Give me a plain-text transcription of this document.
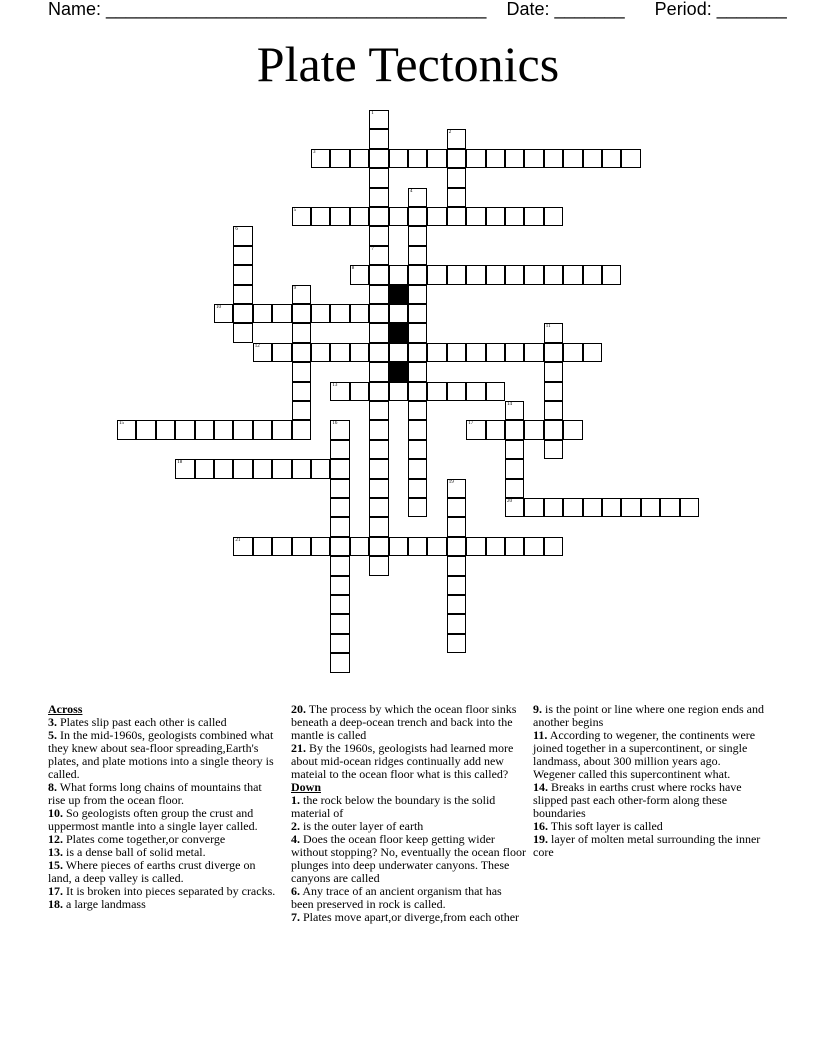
Name: ______________________________________ Date: _______ Period: _______
Plate Tectonics
1
7
2
3
4
5
6
8
9
10
11
12
13
14
15	16	17
18
19
20
21

Across

3. Plates slip past each other is called

5. In the mid-1960s, geologists combined what they knew about sea-floor spreading,Earth's plates, and plate motions into a single theory is called.

8. What forms long chains of mountains that rise up from the ocean floor.

10. So geologists often group the crust and uppermost mantle into a single layer called.

12. Plates come together,or converge

13. is a dense ball of solid metal.

15. Where pieces of earths crust diverge on land, a deep valley is called.

17. It is broken into pieces separated by cracks.

18. a large landmass

20. The process by which the ocean floor sinks beneath a deep-ocean trench and back into the mantle is called

21. By the 1960s, geologists had learned more about mid-ocean ridges continually add new mateial to the ocean floor what is this called?

Down

1. the rock below the boundary is the solid material of

2. is the outer layer of earth

4. Does the ocean floor keep getting wider without stopping? No, eventually the ocean floor plunges into deep underwater canyons. These canyons are called

6. Any trace of an ancient organism that has been preserved in rock is called.

7. Plates move apart,or diverge,from each other

9. is the point or line where one region ends and another begins

11. According to wegener, the continents were joined together in a supercontinent, or single landmass, about 300 million years ago. Wegener called this supercontinent what.

14. Breaks in earths crust where rocks have slipped past each other-form along these boundaries

16. This soft layer is called

19. layer of molten metal surrounding the inner core
